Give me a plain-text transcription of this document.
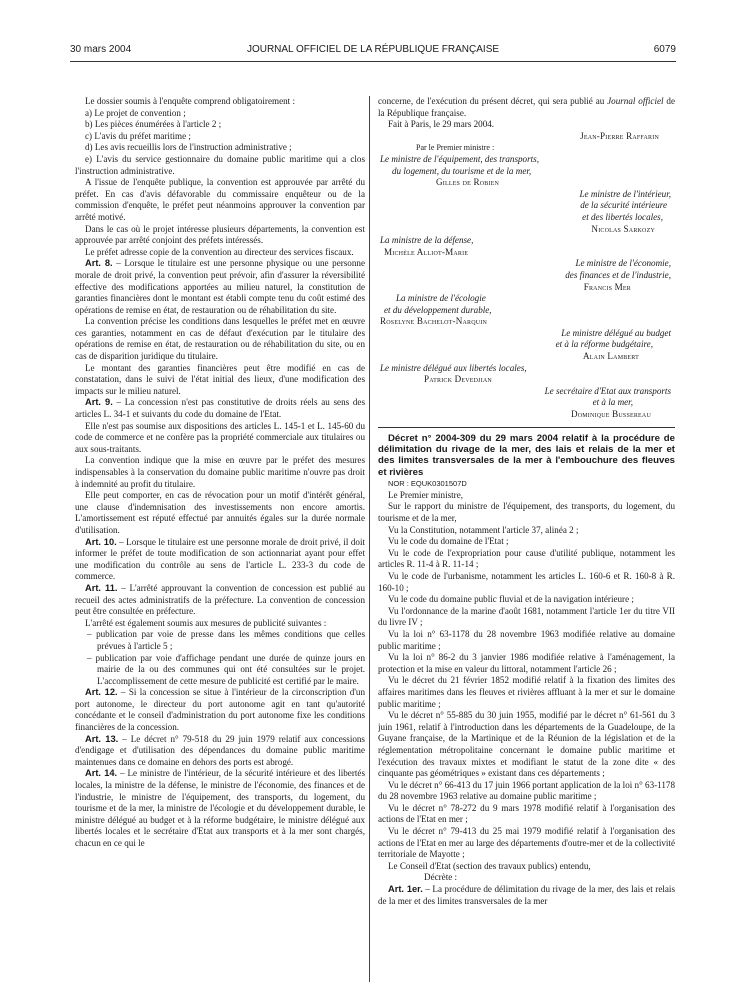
30 mars 2004	JOURNAL OFFICIEL DE LA RÉPUBLIQUE FRANÇAISE	6079

Le dossier soumis à l'enquête comprend obligatoirement :

a) Le projet de convention ;

b) Les pièces énumérées à l'article 2 ;

c) L'avis du préfet maritime ;

d) Les avis recueillis lors de l'instruction administrative ;

e) L'avis du service gestionnaire du domaine public maritime qui a clos l'instruction administrative.

A l'issue de l'enquête publique, la convention est approuvée par arrêté du préfet. En cas d'avis défavorable du commissaire enquêteur ou de la commission d'enquête, le préfet peut néanmoins approuver la convention par arrêté motivé.

Dans le cas où le projet intéresse plusieurs départements, la convention est approuvée par arrêté conjoint des préfets intéressés.

Le préfet adresse copie de la convention au directeur des services fiscaux.

Art. 8. – Lorsque le titulaire est une personne physique ou une personne morale de droit privé, la convention peut prévoir, afin d'assurer la réversibilité effective des modifications apportées au milieu naturel, la constitution de garanties financières dont le montant est établi compte tenu du coût estimé des opérations de remise en état, de restauration ou de réhabilitation du site.

La convention précise les conditions dans lesquelles le préfet met en œuvre ces garanties, notamment en cas de défaut d'exécution par le titulaire des opérations de remise en état, de restauration ou de réhabilitation du site, ou en cas de disparition juridique du titulaire.

Le montant des garanties financières peut être modifié en cas de constatation, dans le suivi de l'état initial des lieux, d'une modification des impacts sur le milieu naturel.

Art. 9. – La concession n'est pas constitutive de droits réels au sens des articles L. 34-1 et suivants du code du domaine de l'Etat.

Elle n'est pas soumise aux dispositions des articles L. 145-1 et L. 145-60 du code de commerce et ne confère pas la propriété commerciale aux titulaires ou aux sous-traitants.

La convention indique que la mise en œuvre par le préfet des mesures indispensables à la conservation du domaine public maritime n'ouvre pas droit à indemnité au profit du titulaire.

Elle peut comporter, en cas de révocation pour un motif d'intérêt général, une clause d'indemnisation des investissements non encore amortis. L'amortissement est réputé effectué par annuités égales sur la durée normale d'utilisation.

Art. 10. – Lorsque le titulaire est une personne morale de droit privé, il doit informer le préfet de toute modification de son actionnariat ayant pour effet une modification du contrôle au sens de l'article L. 233-3 du code de commerce.

Art. 11. – L'arrêté approuvant la convention de concession est publié au recueil des actes administratifs de la préfecture. La convention de concession peut être consultée en préfecture.

L'arrêté est également soumis aux mesures de publicité suivantes :

– publication par voie de presse dans les mêmes conditions que celles prévues à l'article 5 ;

– publication par voie d'affichage pendant une durée de quinze jours en mairie de la ou des communes qui ont été consultées sur le projet. L'accomplissement de cette mesure de publicité est certifié par le maire.

Art. 12. – Si la concession se situe à l'intérieur de la circonscription d'un port autonome, le directeur du port autonome agit en tant qu'autorité concédante et le conseil d'administration du port autonome fixe les conditions financières de la concession.

Art. 13. – Le décret n° 79-518 du 29 juin 1979 relatif aux concessions d'endigage et d'utilisation des dépendances du domaine public maritime maintenues dans ce domaine en dehors des ports est abrogé.

Art. 14. – Le ministre de l'intérieur, de la sécurité intérieure et des libertés locales, la ministre de la défense, le ministre de l'économie, des finances et de l'industrie, le ministre de l'équipement, des transports, du logement, du tourisme et de la mer, la ministre de l'écologie et du développement durable, le ministre délégué au budget et à la réforme budgétaire, le ministre délégué aux libertés locales et le secrétaire d'Etat aux transports et à la mer sont chargés, chacun en ce qui le

concerne, de l'exécution du présent décret, qui sera publié au Journal officiel de la République française.

Fait à Paris, le 29 mars 2004.

Jean-Pierre Raffarin
Par le Premier ministre :
Le ministre de l'équipement, des transports,
du logement, du tourisme et de la mer,
Gilles de Robien
Le ministre de l'intérieur,
de la sécurité intérieure
et des libertés locales,
Nicolas Sarkozy
La ministre de la défense,
Michèle Alliot-Marie
Le ministre de l'économie,
des finances et de l'industrie,
Francis Mer
La ministre de l'écologie
et du développement durable,
Roselyne Bachelot-Narquin
Le ministre délégué au budget
et à la réforme budgétaire,
Alain Lambert
Le ministre délégué aux libertés locales,
Patrick Devedjian
Le secrétaire d'Etat aux transports
et à la mer,
Dominique Bussereau

Décret n° 2004-309 du 29 mars 2004 relatif à la procédure de délimitation du rivage de la mer, des lais et relais de la mer et des limites transversales de la mer à l'embouchure des fleuves et rivières

NOR : EQUK0301507D

Le Premier ministre,

Sur le rapport du ministre de l'équipement, des transports, du logement, du tourisme et de la mer,

Vu la Constitution, notamment l'article 37, alinéa 2 ;

Vu le code du domaine de l'Etat ;

Vu le code de l'expropriation pour cause d'utilité publique, notamment les articles R. 11-4 à R. 11-14 ;

Vu le code de l'urbanisme, notamment les articles L. 160-6 et R. 160-8 à R. 160-10 ;

Vu le code du domaine public fluvial et de la navigation intérieure ;

Vu l'ordonnance de la marine d'août 1681, notamment l'article 1er du titre VII du livre IV ;

Vu la loi n° 63-1178 du 28 novembre 1963 modifiée relative au domaine public maritime ;

Vu la loi n° 86-2 du 3 janvier 1986 modifiée relative à l'aménagement, la protection et la mise en valeur du littoral, notamment l'article 26 ;

Vu le décret du 21 février 1852 modifié relatif à la fixation des limites des affaires maritimes dans les fleuves et rivières affluant à la mer et sur le domaine public maritime ;

Vu le décret n° 55-885 du 30 juin 1955, modifié par le décret n° 61-561 du 3 juin 1961, relatif à l'introduction dans les départements de la Guadeloupe, de la Guyane française, de la Martinique et de la Réunion de la législation et de la réglementation métropolitaine concernant le domaine public maritime et l'exécution des travaux mixtes et modifiant le statut de la zone dite « des cinquante pas géométriques » existant dans ces départements ;

Vu le décret n° 66-413 du 17 juin 1966 portant application de la loi n° 63-1178 du 28 novembre 1963 relative au domaine public maritime ;

Vu le décret n° 78-272 du 9 mars 1978 modifié relatif à l'organisation des actions de l'Etat en mer ;

Vu le décret n° 79-413 du 25 mai 1979 modifié relatif à l'organisation des actions de l'Etat en mer au large des départements d'outre-mer et de la collectivité territoriale de Mayotte ;

Le Conseil d'Etat (section des travaux publics) entendu,

Décrète :

Art. 1er. – La procédure de délimitation du rivage de la mer, des lais et relais de la mer et des limites transversales de la mer
